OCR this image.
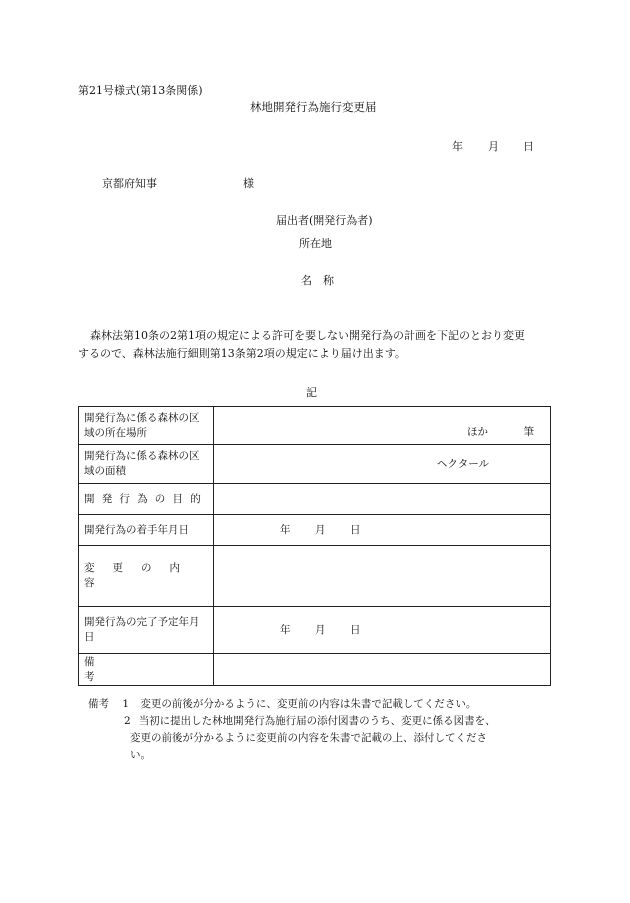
第21号様式(第13条関係)
林地開発行為施行変更届
年 月 日
京都府知事	様
届出者(開発行為者)
所在地
名　称
森林法第10条の2第1項の規定による許可を要しない開発行為の計画を下記のとおり変更
するので、森林法施行細則第13条第2項の規定により届け出ます。
記
開発行為に係る森林の区域の所在場所	ほか 筆

開発行為に係る森林の区域の面積	ヘクタール

開発行為の目的	

開発行為の着手年月日	年 月 日

変更の内容	
開発行為の完了予定年月日	年 月 日

備考	
備考 1 変更の前後が分かるように、変更前の内容は朱書で記載してください。
2 当初に提出した林地開発行為施行届の添付図書のうち、変更に係る図書を、
変更の前後が分かるように変更前の内容を朱書で記載の上、添付してくださ
い。
